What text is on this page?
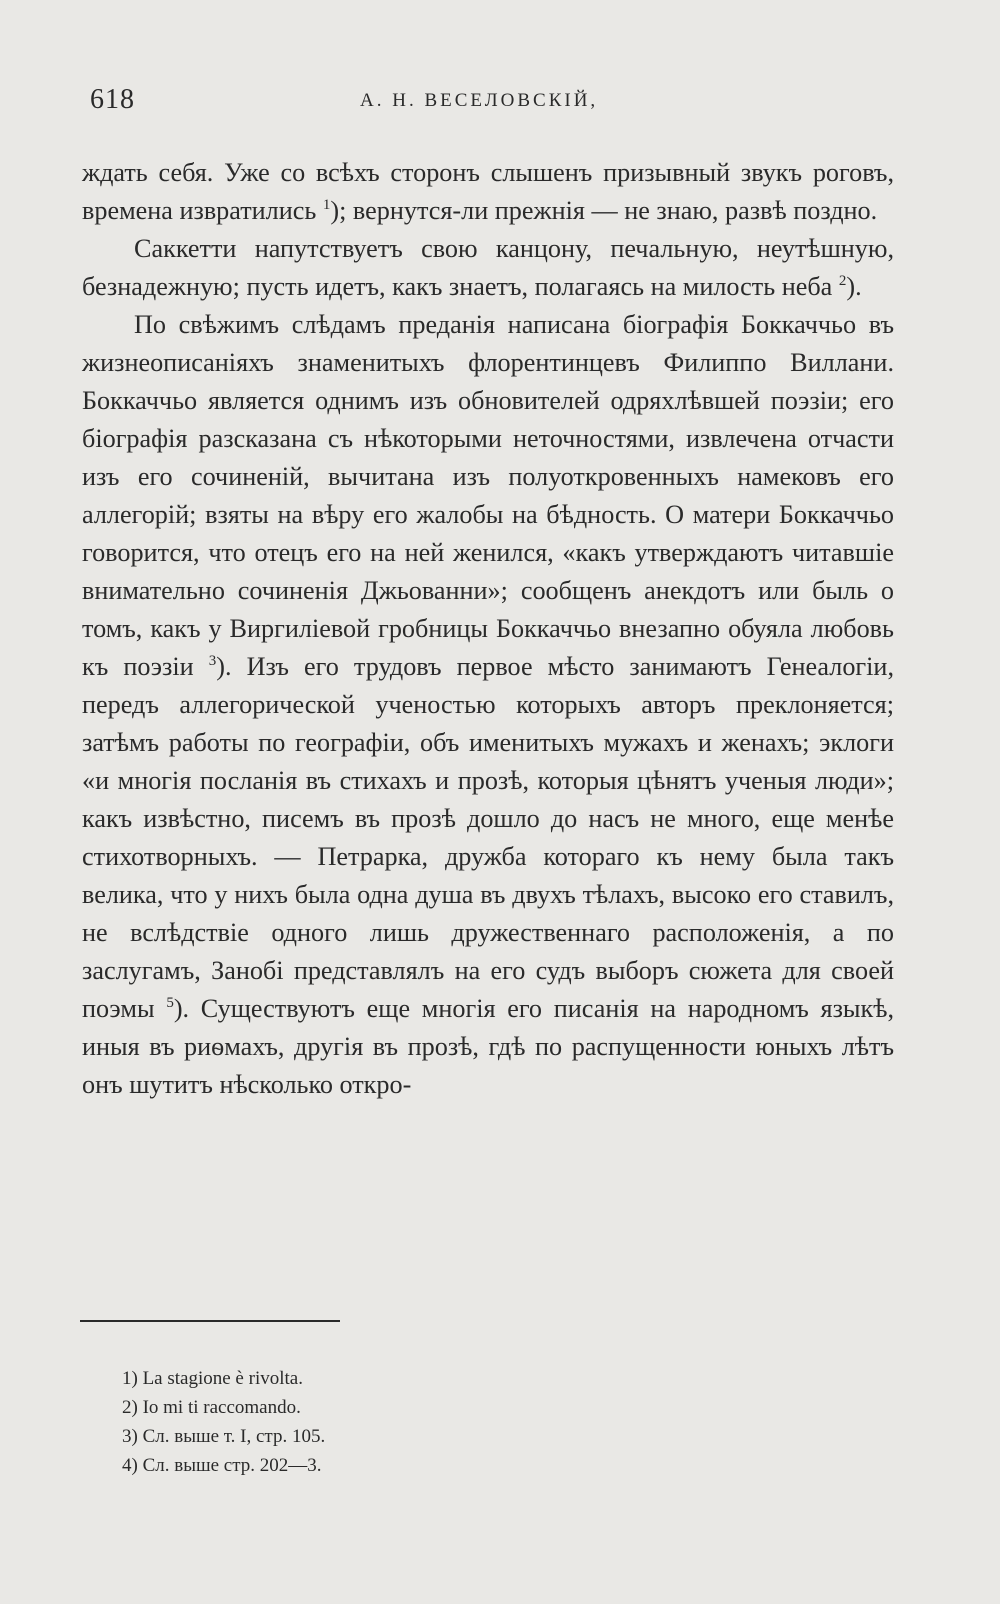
618	А. Н. ВЕСЕЛОВСКІЙ,

ждать себя. Уже со всѣхъ сторонъ слышенъ призывный звукъ роговъ, времена извратились $^1$); вернутся-ли прежнія — не знаю, развѣ поздно.

Саккетти напутствуетъ свою канцону, печальную, неутѣшную, безнадежную; пусть идетъ, какъ знаетъ, полагаясь на милость неба $^2$).

По свѣжимъ слѣдамъ преданія написана біографія Боккаччьо въ жизнеописаніяхъ знаменитыхъ флорентинцевъ Филиппо Виллани. Боккаччьо является однимъ изъ обновителей одряхлѣвшей поэзіи; его біографія разсказана съ нѣкоторыми неточностями, извлечена отчасти изъ его сочиненій, вычитана изъ полуоткровенныхъ намековъ его аллегорій; взяты на вѣру его жалобы на бѣдность. О матери Боккаччьо говорится, что отецъ его на ней женился, «какъ утверждаютъ читавшіе внимательно сочиненія Джьованни»; сообщенъ анекдотъ или быль о томъ, какъ у Виргиліевой гробницы Боккаччьо внезапно обуяла любовь къ поэзіи $^3$). Изъ его трудовъ первое мѣсто занимаютъ Генеалогіи, передъ аллегорической ученостью которыхъ авторъ преклоняется; затѣмъ работы по географіи, объ именитыхъ мужахъ и женахъ; эклоги «и многія посланія въ стихахъ и прозѣ, которыя цѣнятъ ученыя люди»; какъ извѣстно, писемъ въ прозѣ дошло до насъ не много, еще менѣе стихотворныхъ. — Петрарка, дружба котораго къ нему была такъ велика, что у нихъ была одна душа въ двухъ тѣлахъ, высоко его ставилъ, не вслѣдствіе одного лишь дружественнаго расположенія, а по заслугамъ, Занобі представлялъ на его судъ выборъ сюжета для своей поэмы $^5$). Существуютъ еще многія его писанія на народномъ языкѣ, иныя въ риѳмахъ, другія въ прозѣ, гдѣ по распущенности юныхъ лѣтъ онъ шутитъ нѣсколько откро-

1) La stagione è rivolta.
2) Io mi ti raccomando.
3) Сл. выше т. I, стр. 105.
4) Сл. выше стр. 202—3.
